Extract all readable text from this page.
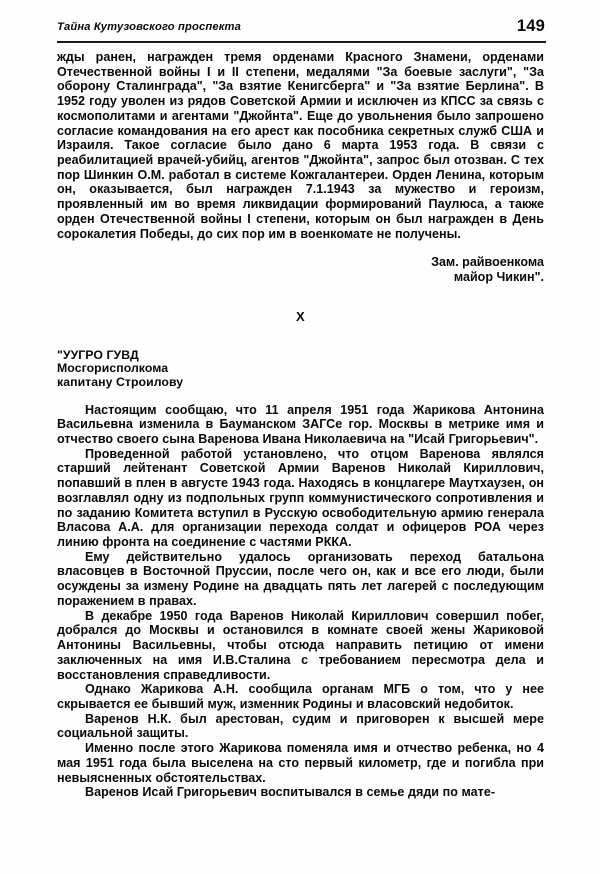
Тайна Кутузовского проспекта	149

жды ранен, награжден тремя орденами Красного Знамени, орденами Отечественной войны I и II степени, медалями "За боевые заслуги", "За оборону Сталинграда", "За взятие Кенигсберга" и "За взятие Берлина". В 1952 году уволен из рядов Советской Армии и исключен из КПСС за связь с космополитами и агентами "Джойнта". Еще до увольнения было запрошено согласие командования на его арест как пособника секретных служб США и Израиля. Такое согласие было дано 6 марта 1953 года. В связи с реабилитацией врачей-убийц, агентов "Джойнта", запрос был отозван. С тех пор Шинкин О.М. работал в системе Кожгалантереи. Орден Ленина, которым он, оказывается, был награжден 7.1.1943 за мужество и героизм, проявленный им во время ликвидации формирований Паулюса, а также орден Отечественной войны I степени, которым он был награжден в День сорокалетия Победы, до сих пор им в военкомате не получены.

Зам. райвоенкома
майор Чикин".
X
"УУГРО ГУВД
Мосгорисполкома
капитану Строилову

Настоящим сообщаю, что 11 апреля 1951 года Жарикова Антонина Васильевна изменила в Бауманском ЗАГСе гор. Москвы в метрике имя и отчество своего сына Варенова Ивана Николаевича на "Исай Григорьевич".

Проведенной работой установлено, что отцом Варенова являлся старший лейтенант Советской Армии Варенов Николай Кириллович, попавший в плен в августе 1943 года. Находясь в концлагере Маутхаузен, он возглавлял одну из подпольных групп коммунистического сопротивления и по заданию Комитета вступил в Русскую освободительную армию генерала Власова А.А. для организации перехода солдат и офицеров РОА через линию фронта на соединение с частями РККА.

Ему действительно удалось организовать переход батальона власовцев в Восточной Пруссии, после чего он, как и все его люди, были осуждены за измену Родине на двадцать пять лет лагерей с последующим поражением в правах.

В декабре 1950 года Варенов Николай Кириллович совершил побег, добрался до Москвы и остановился в комнате своей жены Жариковой Антонины Васильевны, чтобы отсюда направить петицию от имени заключенных на имя И.В.Сталина с требованием пересмотра дела и восстановления справедливости.

Однако Жарикова А.Н. сообщила органам МГБ о том, что у нее скрывается ее бывший муж, изменник Родины и власовский недобиток.

Варенов Н.К. был арестован, судим и приговорен к высшей мере социальной защиты.

Именно после этого Жарикова поменяла имя и отчество ребенка, но 4 мая 1951 года была выселена на сто первый километр, где и погибла при невыясненных обстоятельствах.

Варенов Исай Григорьевич воспитывался в семье дяди по мате-
